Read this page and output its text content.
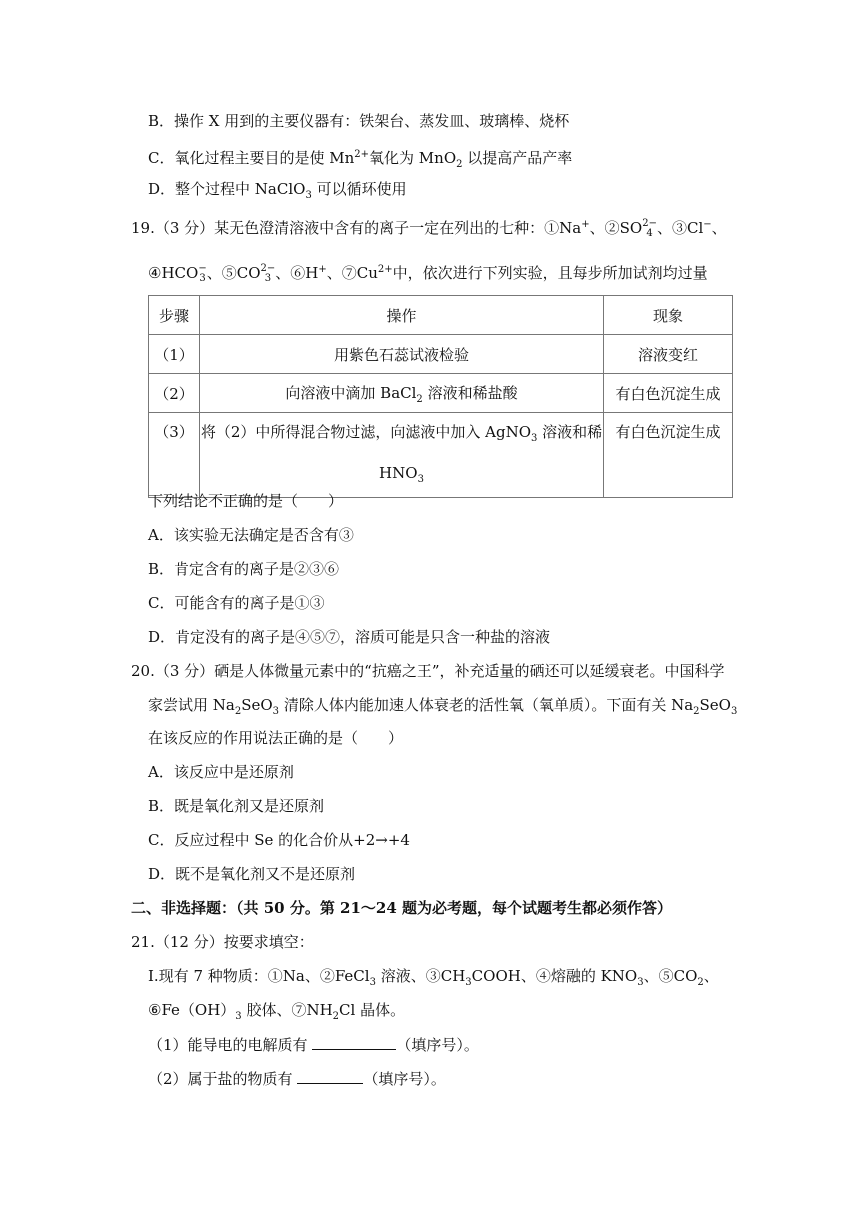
B．操作 X 用到的主要仪器有：铁架台、蒸发皿、玻璃棒、烧杯
C．氧化过程主要目的是使 $Mn^{2+}$氧化为 MnO$_2$ 以提高产品产率
D．整个过程中 NaClO$_3$ 可以循环使用
19.（3 分）某无色澄清溶液中含有的离子一定在列出的七种：①Na+、②SO 2−
4 、③Cl−、
④HCO −
3 、⑤CO 2−
3 、⑥H+、$⑦Cu^{2+}$中，依次进行下列实验，且每步所加试剂均过量
步骤	操作	现象
（1）	用紫色石蕊试液检验	溶液变红
（2）	向溶液中滴加 BaCl$_2$ 溶液和稀盐酸	有白色沉淀生成
（3）	将（2）中所得混合物过滤，向滤液中加入 AgNO$_3$ 溶液和稀
$HNO_3$	有白色沉淀生成
下列结论不正确的是（　　）
A．该实验无法确定是否含有③
B．肯定含有的离子是②③⑥
C．可能含有的离子是①③
D．肯定没有的离子是④⑤⑦，溶质可能是只含一种盐的溶液
20.（3 分）硒是人体微量元素中的“抗癌之王”，补充适量的硒还可以延缓衰老。中国科学
家尝试用 $Na_2SeO_3$ 清除人体内能加速人体衰老的活性氧（氧单质）。下面有关 $Na_2SeO_3$
在该反应的作用说法正确的是（　　）
A．该反应中是还原剂
B．既是氧化剂又是还原剂
C．反应过程中 Se 的化合价从+2→+4
D．既不是氧化剂又不是还原剂
二、非选择题：（共 50 分。第 21～24 题为必考题，每个试题考生都必须作答）
21.（12 分）按要求填空：
Ⅰ.现有 7 种物质：①Na、②FeCl$_3$ 溶液、$③CH_3COOH$、④熔融的 $KNO_3$、$⑤CO_2$、
$⑥Fe(OH)_3$ 胶体、$⑦NH_2Cl$ 晶体。
（1）能导电的电解质有	（填序号）。
（2）属于盐的物质有	（填序号）。
